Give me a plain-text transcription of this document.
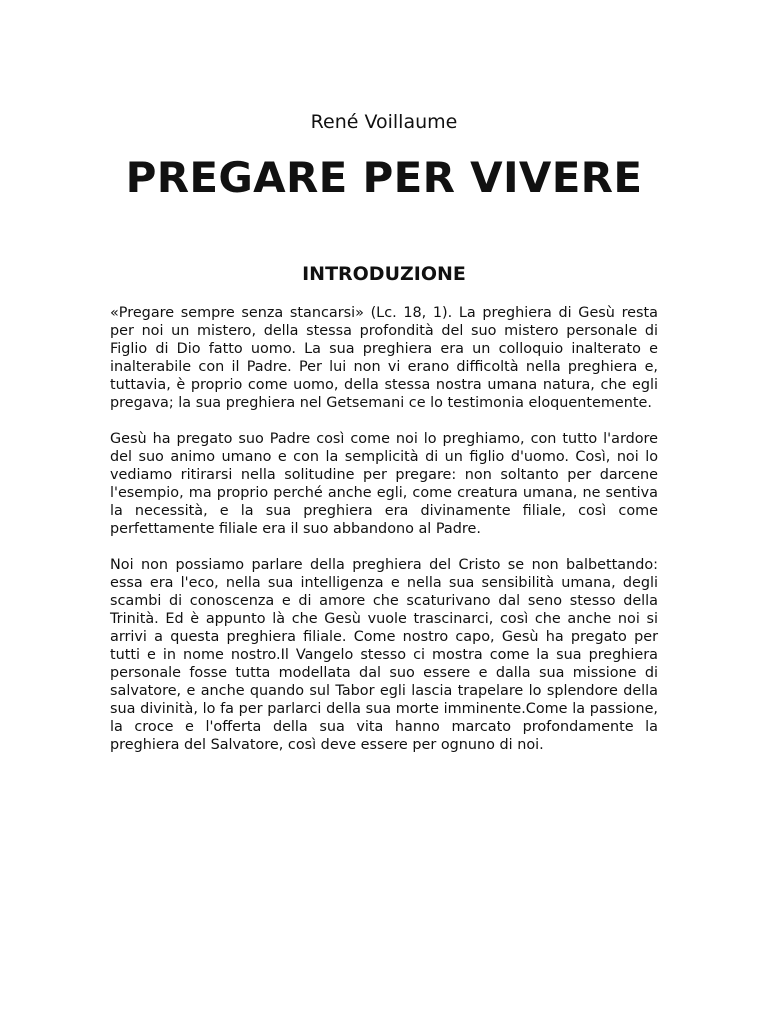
René Voillaume
PREGARE PER VIVERE
INTRODUZIONE

«Pregare sempre senza stancarsi» (Lc. 18, 1). La preghiera di Gesù resta per noi un mistero, della stessa profondità del suo mistero personale di Figlio di Dio fatto uomo. La sua preghiera era un colloquio inalterato e inalterabile con il Padre. Per lui non vi erano difficoltà nella preghiera e, tuttavia, è proprio come uomo, della stessa nostra umana natura, che egli pregava; la sua preghiera nel Getsemani ce lo testimonia eloquentemente.

Gesù ha pregato suo Padre così come noi lo preghiamo, con tutto l'ardore del suo animo umano e con la semplicità di un figlio d'uomo. Così, noi lo vediamo ritirarsi nella solitudine per pregare: non soltanto per darcene l'esempio, ma proprio perché anche egli, come creatura umana, ne sentiva la necessità, e la sua preghiera era divinamente filiale, così come perfettamente filiale era il suo abbandono al Padre.

Noi non possiamo parlare della preghiera del Cristo se non balbettando: essa era l'eco, nella sua intelligenza e nella sua sensibilità umana, degli scambi di conoscenza e di amore che scaturivano dal seno stesso della Trinità. Ed è appunto là che Gesù vuole trascinarci, così che anche noi si arrivi a questa preghiera filiale. Come nostro capo, Gesù ha pregato per tutti e in nome nostro.Il Vangelo stesso ci mostra come la sua preghiera personale fosse tutta modellata dal suo essere e dalla sua missione di salvatore, e anche quando sul Tabor egli lascia trapelare lo splendore della sua divinità, lo fa per parlarci della sua morte imminente.Come la passione, la croce e l'offerta della sua vita hanno marcato profondamente la preghiera del Salvatore, così deve essere per ognuno di noi.
